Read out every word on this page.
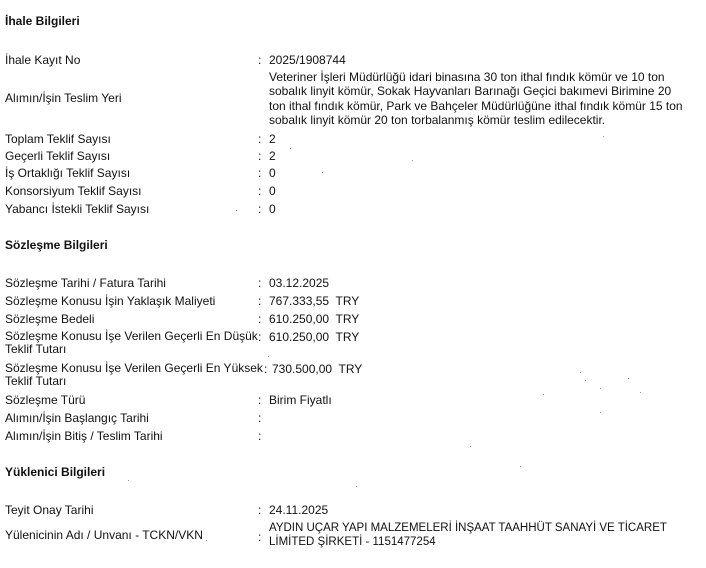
İhale Bilgileri
İhale Kayıt No	: 2025/1908744
Alımın/İşin Teslim Yeri
Veteriner İşleri Müdürlüğü idari binasına 30 ton ithal fındık kömür ve 10 ton sobalık linyit kömür, Sokak Hayvanları Barınağı Geçici bakımevi Birimine 20 ton ithal fındık kömür, Park ve Bahçeler Müdürlüğüne ithal fındık kömür 15 ton sobalık linyit kömür 20 ton torbalanmış kömür teslim edilecektir.
Toplam Teklif Sayısı	: 2
Geçerli Teklif Sayısı	: 2
İş Ortaklığı Teklif Sayısı	: 0
Konsorsiyum Teklif Sayısı	: 0
Yabancı İstekli Teklif Sayısı	: 0
Sözleşme Bilgileri
Sözleşme Tarihi / Fatura Tarihi	: 03.12.2025
Sözleşme Konusu İşin Yaklaşık Maliyeti	: 767.333,55  TRY
Sözleşme Bedeli	: 610.250,00  TRY
Sözleşme Konusu İşe Verilen Geçerli En Düşük Teklif Tutarı
: 610.250,00  TRY
Sözleşme Konusu İşe Verilen Geçerli En Yüksek Teklif Tutarı
: 730.500,00  TRY
Sözleşme Türü	: Birim Fiyatlı
Alımın/İşin Başlangıç Tarihi	:
Alımın/İşin Bitiş / Teslim Tarihi	:
Yüklenici Bilgileri
Teyit Onay Tarihi	: 24.11.2025
Yülenicinin Adı / Unvanı - TCKN/VKN	:
AYDIN UÇAR YAPI MALZEMELERİ İNŞAAT TAAHHÜT SANAYİ VE TİCARET LİMİTED ŞİRKETİ - 1151477254
